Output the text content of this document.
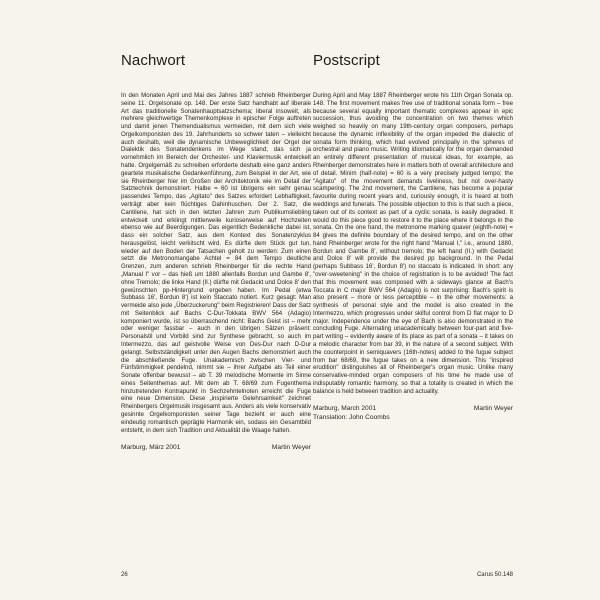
Nachwort

In den Monaten April und Mai des Jahres 1887 schrieb Rheinberger seine 11. Orgelsonate op. 148. Der erste Satz handhabt auf liberale Art das traditionelle Sonatenhauptsatzschema; liberal insoweit, als mehrere gleichwertige Themenkomplexe in epischer Folge auftreten und damit jenen Themendualismus vermeiden, mit dem sich viele Orgelkomponisten des 19. Jahrhunderts so schwer taten – vielleicht auch deshalb, weil die dynamische Unbeweglichkeit der Orgel der Dialektik des Sonatendenkens im Wege stand; das sich ja vornehmlich im Bereich der Orchester- und Klaviermusik entwickelt hatte. Orgelgemäß zu schreiben erforderte deshalb eine ganz anders geartete musikalische Gedankenführung, zum Beispiel in der Art, wie sie Rheinberger hier im Großen der Architektonik wie im Detail der Satztechnik demonstriert. Halbe = 60 ist übrigens ein sehr genau passendes Tempo, das „Agitato" des Satzes erfordert Lebhaftigkeit, verträgt aber kein flüchtiges Dahinhuschen. Der 2. Satz, die Cantilene, hat sich in den letzten Jahren zum Publikumsliebling entwickelt und erklingt mittlerweile kurioserweise auf Hochzeiten ebenso wie auf Beerdigungen. Das eigentlich Bedenkliche dabei ist, dass ein solcher Satz, aus dem Kontext des Sonatenzyklus herausgelöst, leicht verkitscht wird. Es dürfte dem Stück gut tun, wieder auf den Boden der Tatsachen geholt zu werden: Zum einen setzt die Metronomangabe Achtel = 84 dem Tempo deutliche Grenzen, zum anderen schrieb Rheinberger für die rechte Hand „Manual I" vor – das hieß um 1880 allenfalls Bordun und Gambe 8', ohne Tremolo; die linke Hand (II.) dürfte mit Gedackt und Dolce 8' den gewünschten pp-Hintergrund ergeben haben. Im Pedal (etwa Subbass 16', Bordun 8') ist kein Staccato notiert. Kurz gesagt: Man vermeide also jede „Überzuckerung" beim Registrieren! Dass der Satz mit Seitenblick auf Bachs C-Dur-Tokkata BWV 564 (Adagio) komponiert wurde, ist so überraschend nicht: Bachs Geist ist – mehr oder weniger fassbar – auch in den übrigen Sätzen präsent: Personalstil und Vorbild sind zur Synthese gebracht, so auch im Intermezzo, das auf geistvolle Weise von Des-Dur nach D-Dur gelangt. Selbstständigkeit unter den Augen Bachs demonstriert auch die abschließende Fuge. Unakademisch zwischen Vier- und Fünfstimmigkeit pendelnd, nimmt sie – ihrer Aufgabe als Teil einer Sonate offenbar bewusst – ab T. 39 melodische Momente im Sinne eines Seitenthemas auf. Mit dem ab T. 68/69 zum Fugenthema hinzutretenden Kontrapunkt in Sechzehntelnoten erreicht die Fuge eine neue Dimension. Diese „inspirierte Gelehrsamkeit" zeichnet Rheinbergers Orgelmusik insgesamt aus. Anders als viele konservativ gesinnte Orgelkomponisten seiner Tage bezieht er auch eine eindeutig romantisch geprägte Harmonik ein, sodass ein Gesamtbild entsteht, in dem sich Tradition und Aktualität die Waage halten.

Marburg, März 2001	Martin Weyer
Postscript

During April and May 1887 Rheinberger wrote his 11th Organ Sonata op. 148. The first movement makes free use of traditional sonata form – free because several equally important thematic complexes appear in epic succession, thus avoiding the concentration on two themes which weighed so heavily on many 19th-century organ composers, perhaps because the dynamic inflexibility of the organ impeded the dialectic of sonata form thinking, which had evolved principally in the spheres of orchestral and piano music. Writing idiomatically for the organ demanded an entirely different presentation of musical ideas, for example, as Rheinberger demonstrates here in matters both of overall architecture and of detail. Minim (half-note) = 60 is a very precisely judged tempo; the "Agitato" of the movement demands liveliness, but not over-hasty scampering. The 2nd movement, the Cantilene, has become a popular favourite during recent years and, curiously enough, it is heard at both weddings and funerals. The possible objection to this is that such a piece, taken out of its context as part of a cyclic sonata, is easily degraded. It would do this piece good to restore it to the place where it belongs in the sonata. On the one hand, the metronome marking quaver (eighth-note) = 84 gives the definite boundary of the desired tempo, and on the other hand Rheinberger wrote for the right hand "Manual I," i.e., around 1880, Bordun and Gambe 8', without tremolo; the left hand (II.) with Gedackt and Dolce 8' will provide the desired pp background. In the Pedal (perhaps Subbass 16', Bordun 8') no staccato is indicated. In short: any "over-sweetening" in the choice of registration is to be avoided! The fact that this movement was composed with a sideways glance at Bach's Toccata in C major BWV 564 (Adagio) is not surprising: Bach's spirit is also present – more or less perceptible – in the other movements: a synthesis of personal style and the model is also created in the Intermezzo, which progresses under skilful control from D flat major to D major. Independence under the eye of Bach is also demonstrated in the concluding Fuge. Alternating unacademically between four-part and five-part writing – evidently aware of its place as part of a sonata – it takes on a melodic character from bar 39, in the nature of a second subject. With the counterpoint in semiquavers (16th-notes) added to the fugue subject from bar 68/69, the fugue takes on a new dimension. This "inspired erudition" distinguishes all of Rheinberger's organ music. Unlike many conservative-minded organ composers of his time he made use of indisputably romantic harmony, so that a totality is created in which the balance is held between tradition and actuality.

Marburg, March 2001	Martin Weyer
Translation: John Coombs
26	Carus 50.148
